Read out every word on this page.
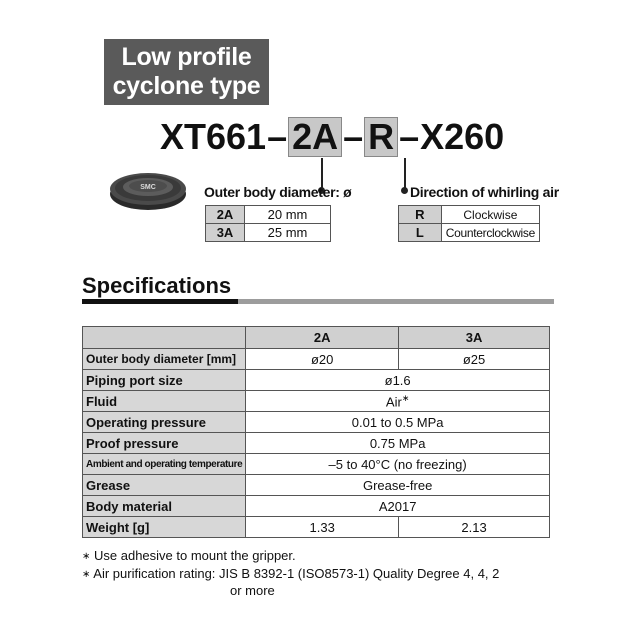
Low profile
cyclone type
SMC
XT661– 2A – R –X260
Outer body diameter: ø
2A	20 mm
3A	25 mm
Direction of whirling air
R	Clockwise
L	Counterclockwise
Specifications
	2A	3A
Outer body diameter [mm]	ø20	ø25
Piping port size	ø1.6	
Fluid	Air∗
Operating pressure	0.01 to 0.5 MPa	
Proof pressure	0.75 MPa	
Ambient and operating temperature	–5 to 40°C (no freezing)	
Grease	Grease-free	
Body material	A2017	
Weight [g]	1.33	2.13
∗ Use adhesive to mount the gripper.
∗ Air purification rating: JIS B 8392-1 (ISO8573-1) Quality Degree 4, 4, 2
or more
